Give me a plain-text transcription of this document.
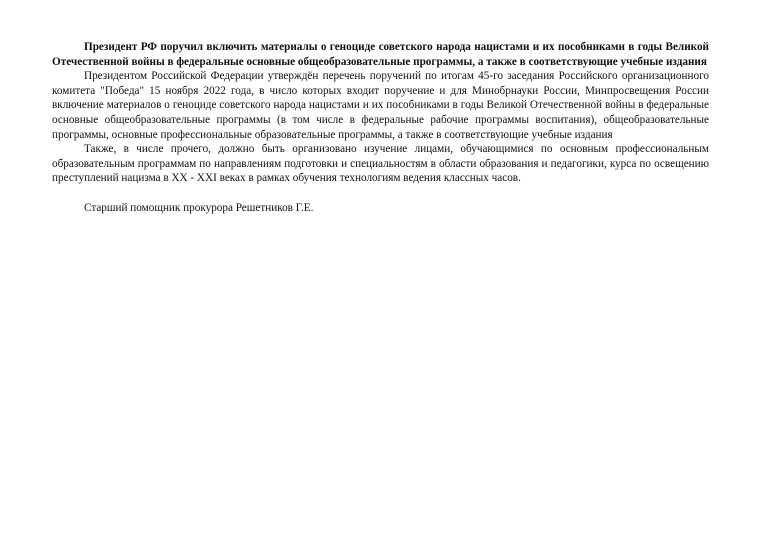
Президент РФ поручил включить материалы о геноциде советского народа нацистами и их пособниками в годы Великой Отечественной войны в федеральные основные общеобразовательные программы, а также в соответствующие учебные издания

Президентом Российской Федерации утверждён перечень поручений по итогам 45-го заседания Российского организационного комитета "Победа" 15 ноября 2022 года, в число которых входит поручение и для Минобрнауки России, Минпросвещения России включение материалов о геноциде советского народа нацистами и их пособниками в годы Великой Отечественной войны в федеральные основные общеобразовательные программы (в том числе в федеральные рабочие программы воспитания), общеобразовательные программы, основные профессиональные образовательные программы, а также в соответствующие учебные издания

Также, в числе прочего, должно быть организовано изучение лицами, обучающимися по основным профессиональным образовательным программам по направлениям подготовки и специальностям в области образования и педагогики, курса по освещению преступлений нацизма в XX - XXI веках в рамках обучения технологиям ведения классных часов.

Старший помощник прокурора Решетников Г.Е.
